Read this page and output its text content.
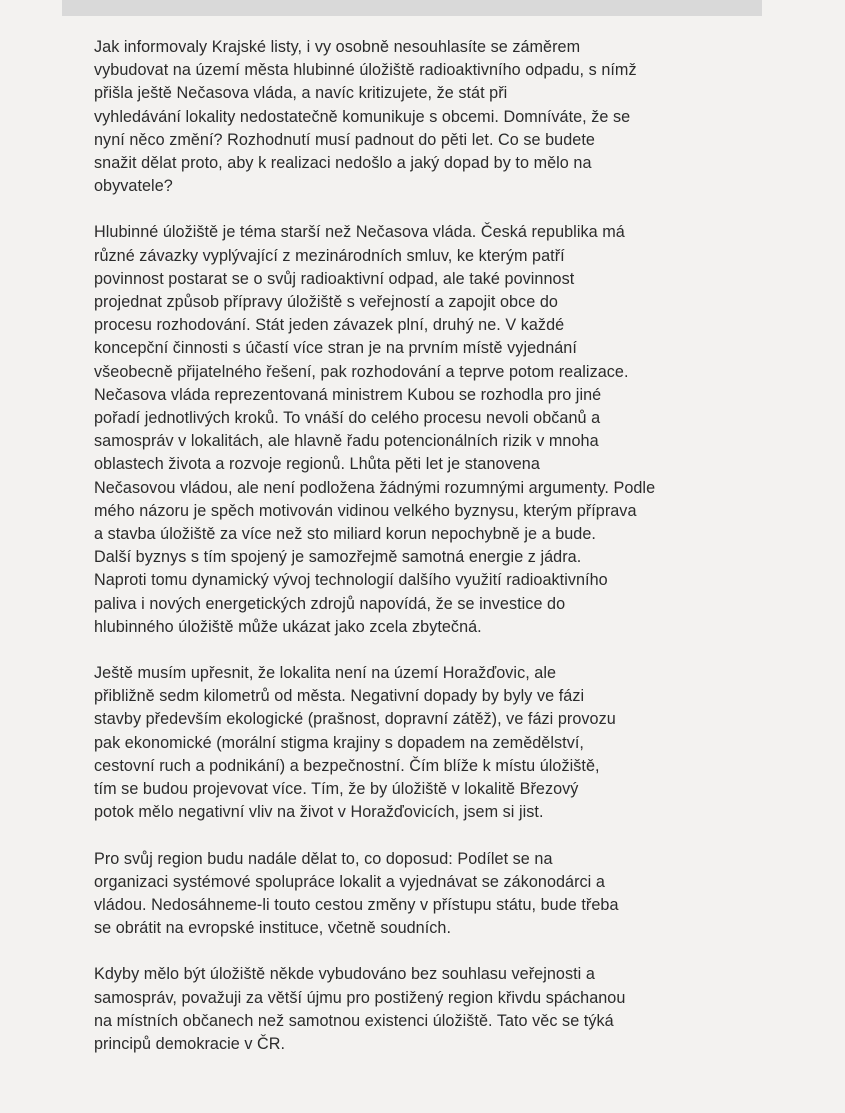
Jak informovaly Krajské listy, i vy osobně nesouhlasíte se záměrem
vybudovat na území města hlubinné úložiště radioaktivního odpadu, s nímž
přišla ještě Nečasova vláda, a navíc kritizujete, že stát při
vyhledávání lokality nedostatečně komunikuje s obcemi. Domníváte, že se
nyní něco změní? Rozhodnutí musí padnout do pěti let. Co se budete
snažit dělat proto, aby k realizaci nedošlo a jaký dopad by to mělo na
obyvatele?

Hlubinné úložiště je téma starší než Nečasova vláda. Česká republika má
různé závazky vyplývající z mezinárodních smluv, ke kterým patří
povinnost postarat se o svůj radioaktivní odpad, ale také povinnost
projednat způsob přípravy úložiště s veřejností a zapojit obce do
procesu rozhodování. Stát jeden závazek plní, druhý ne. V každé
koncepční činnosti s účastí více stran je na prvním místě vyjednání
všeobecně přijatelného řešení, pak rozhodování a teprve potom realizace.
Nečasova vláda reprezentovaná ministrem Kubou se rozhodla pro jiné
pořadí jednotlivých kroků. To vnáší do celého procesu nevoli občanů a
samospráv v lokalitách, ale hlavně řadu potencionálních rizik v mnoha
oblastech života a rozvoje regionů. Lhůta pěti let je stanovena
Nečasovou vládou, ale není podložena žádnými rozumnými argumenty. Podle
mého názoru je spěch motivován vidinou velkého byznysu, kterým příprava
a stavba úložiště za více než sto miliard korun nepochybně je a bude.
Další byznys s tím spojený je samozřejmě samotná energie z jádra.
Naproti tomu dynamický vývoj technologií dalšího využití radioaktivního
paliva i nových energetických zdrojů napovídá, že se investice do
hlubinného úložiště může ukázat jako zcela zbytečná.

Ještě musím upřesnit, že lokalita není na území Horažďovic, ale
přibližně sedm kilometrů od města. Negativní dopady by byly ve fázi
stavby především ekologické (prašnost, dopravní zátěž), ve fázi provozu
pak ekonomické (morální stigma krajiny s dopadem na zemědělství,
cestovní ruch a podnikání) a bezpečnostní. Čím blíže k místu úložiště,
tím se budou projevovat více. Tím, že by úložiště v lokalitě Březový
potok mělo negativní vliv na život v Horažďovicích, jsem si jist.

Pro svůj region budu nadále dělat to, co doposud: Podílet se na
organizaci systémové spolupráce lokalit a vyjednávat se zákonodárci a
vládou. Nedosáhneme-li touto cestou změny v přístupu státu, bude třeba
se obrátit na evropské instituce, včetně soudních.

Kdyby mělo být úložiště někde vybudováno bez souhlasu veřejnosti a
samospráv, považuji za větší újmu pro postižený region křivdu spáchanou
na místních občanech než samotnou existenci úložiště. Tato věc se týká
principů demokracie v ČR.
